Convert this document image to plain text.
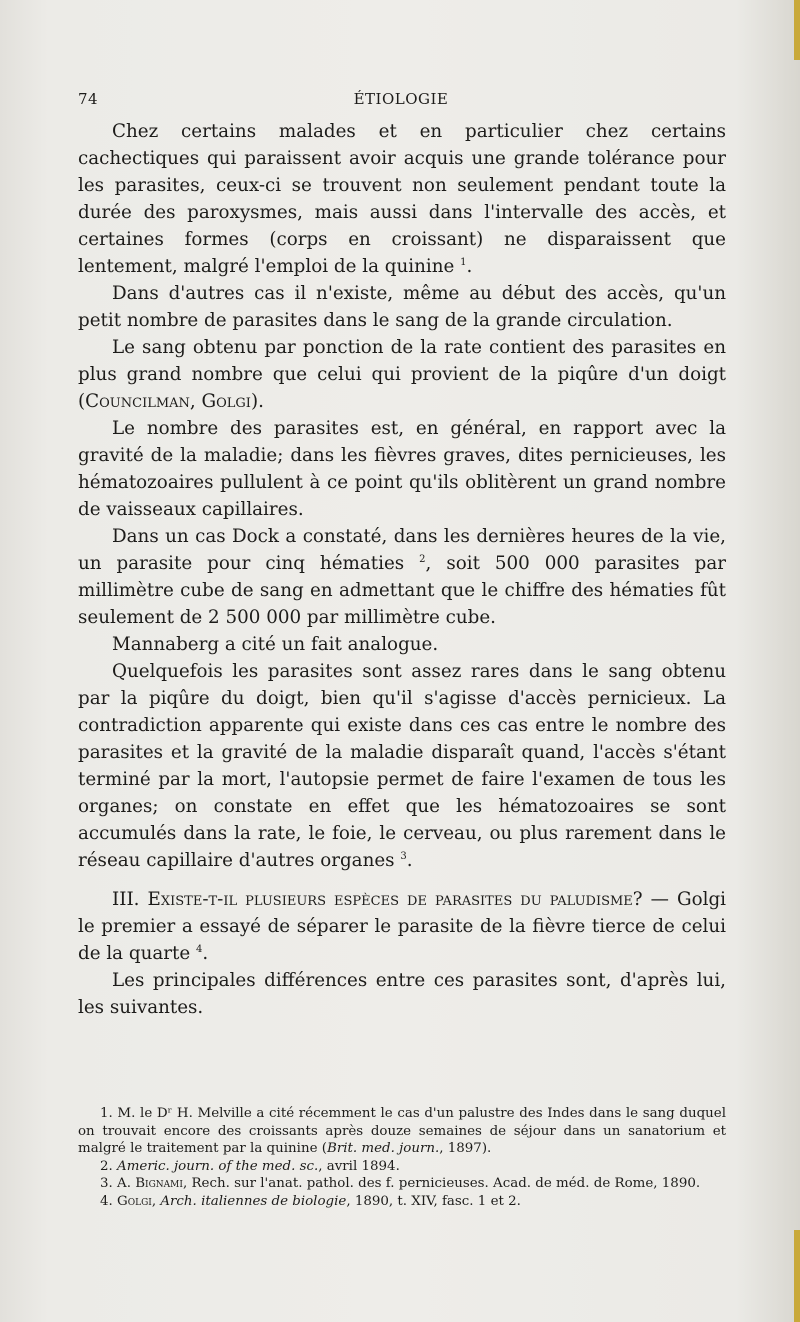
74	ÉTIOLOGIE

Chez certains malades et en particulier chez certains cachectiques qui paraissent avoir acquis une grande tolérance pour les parasites, ceux-ci se trouvent non seulement pendant toute la durée des paroxysmes, mais aussi dans l'intervalle des accès, et certaines formes (corps en croissant) ne disparaissent que lentement, malgré l'emploi de la quinine $^1$.

Dans d'autres cas il n'existe, même au début des accès, qu'un petit nombre de parasites dans le sang de la grande circulation.

Le sang obtenu par ponction de la rate contient des parasites en plus grand nombre que celui qui provient de la piqûre d'un doigt (Councilman, Golgi).

Le nombre des parasites est, en général, en rapport avec la gravité de la maladie; dans les fièvres graves, dites pernicieuses, les hématozoaires pullulent à ce point qu'ils oblitèrent un grand nombre de vaisseaux capillaires.

Dans un cas Dock a constaté, dans les dernières heures de la vie, un parasite pour cinq hématies $^2$, soit 500 000 parasites par millimètre cube de sang en admettant que le chiffre des hématies fût seulement de 2 500 000 par millimètre cube.

Mannaberg a cité un fait analogue.

Quelquefois les parasites sont assez rares dans le sang obtenu par la piqûre du doigt, bien qu'il s'agisse d'accès pernicieux. La contradiction apparente qui existe dans ces cas entre le nombre des parasites et la gravité de la maladie disparaît quand, l'accès s'étant terminé par la mort, l'autopsie permet de faire l'examen de tous les organes; on constate en effet que les hématozoaires se sont accumulés dans la rate, le foie, le cerveau, ou plus rarement dans le réseau capillaire d'autres organes $^3$.

III. Existe-t-il plusieurs espèces de parasites du paludisme? — Golgi le premier a essayé de séparer le parasite de la fièvre tierce de celui de la quarte $^4$.

Les principales différences entre ces parasites sont, d'après lui, les suivantes.

1. M. le Dʳ H. Melville a cité récemment le cas d'un palustre des Indes dans le sang duquel on trouvait encore des croissants après douze semaines de séjour dans un sanatorium et malgré le traitement par la quinine (Brit. med. journ., 1897).

2. Americ. journ. of the med. sc., avril 1894.

3. A. Bignami, Rech. sur l'anat. pathol. des f. pernicieuses. Acad. de méd. de Rome, 1890.

4. Golgi, Arch. italiennes de biologie, 1890, t. XIV, fasc. 1 et 2.
